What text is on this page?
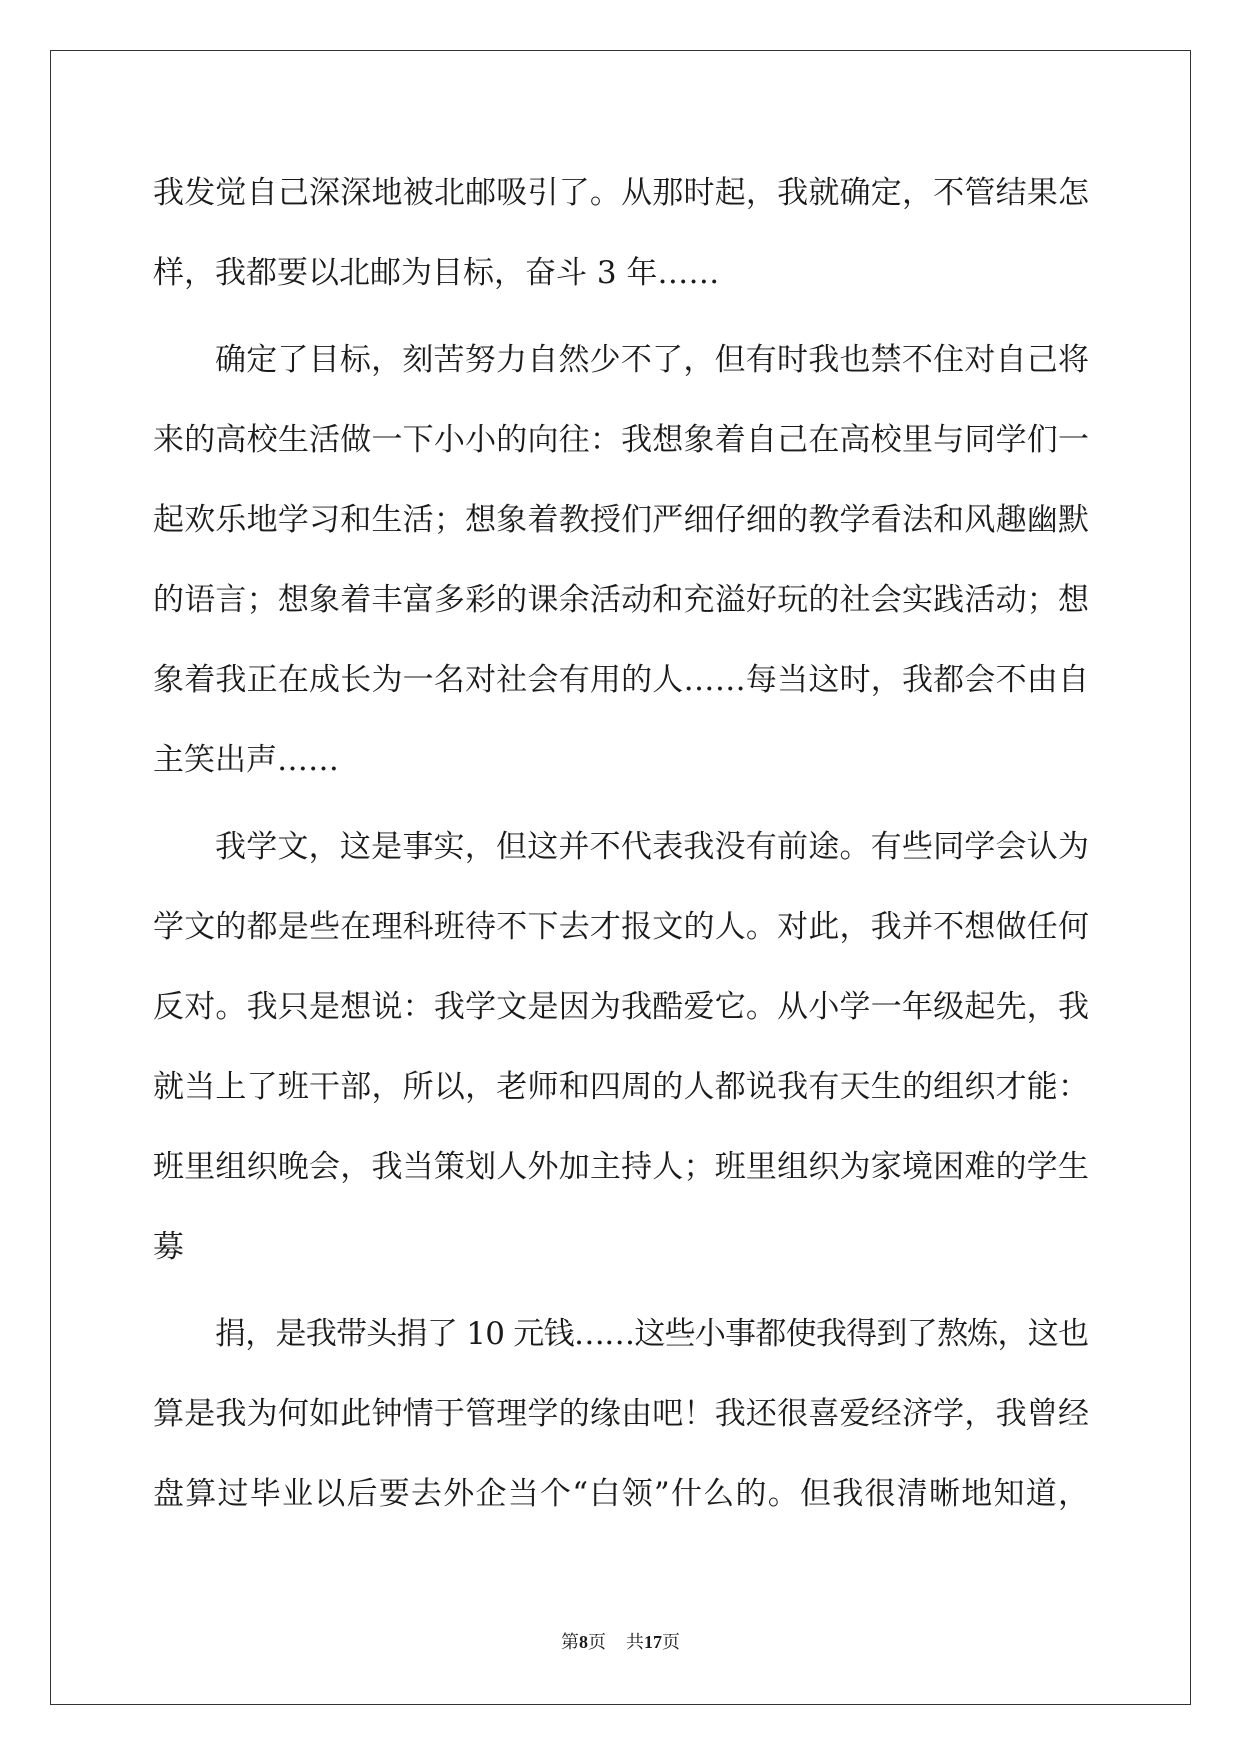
我发觉自己深深地被北邮吸引了。从那时起，我就确定，不管结果怎
样，我都要以北邮为目标，奋斗 3 年……
确定了目标，刻苦努力自然少不了，但有时我也禁不住对自己将
来的高校生活做一下小小的向往：我想象着自己在高校里与同学们一
起欢乐地学习和生活；想象着教授们严细仔细的教学看法和风趣幽默
的语言；想象着丰富多彩的课余活动和充溢好玩的社会实践活动；想
象着我正在成长为一名对社会有用的人……每当这时，我都会不由自
主笑出声……
我学文，这是事实，但这并不代表我没有前途。有些同学会认为
学文的都是些在理科班待不下去才报文的人。对此，我并不想做任何
反对。我只是想说：我学文是因为我酷爱它。从小学一年级起先，我
就当上了班干部，所以，老师和四周的人都说我有天生的组织才能：
班里组织晚会，我当策划人外加主持人；班里组织为家境困难的学生
募
捐，是我带头捐了 10 元钱……这些小事都使我得到了熬炼，这也
算是我为何如此钟情于管理学的缘由吧！我还很喜爱经济学，我曾经
盘算过毕业以后要去外企当个“白领”什么的。但我很清晰地知道，
第8页 共17页
